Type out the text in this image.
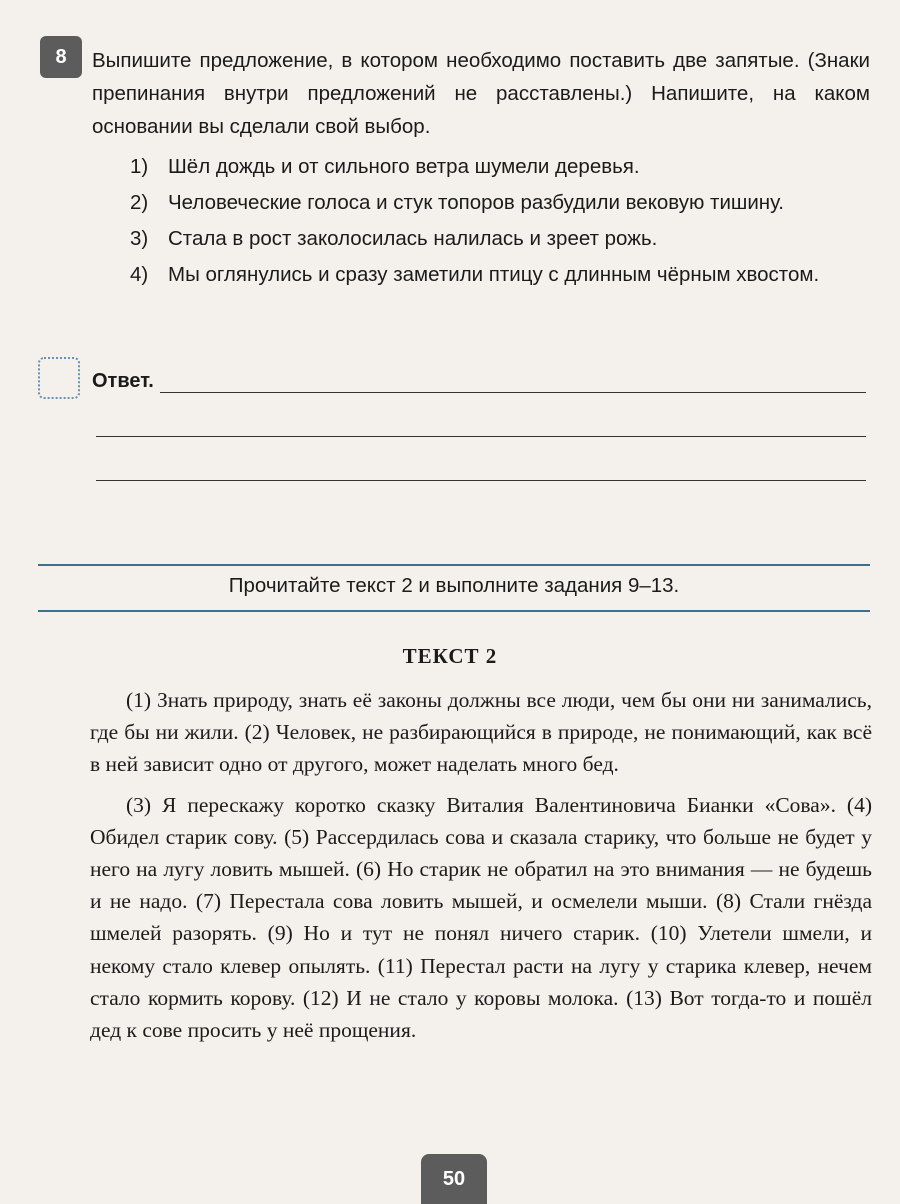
8	Выпишите предложение, в котором необходимо поставить две запятые. (Знаки препинания внутри предложений не расставлены.) Напишите, на каком основании вы сделали свой выбор.
1) Шёл дождь и от сильного ветра шумели деревья.
2) Человеческие голоса и стук топоров разбудили вековую тишину.
3) Стала в рост заколосилась налилась и зреет рожь.
4) Мы оглянулись и сразу заметили птицу с длинным чёрным хвостом.
Ответ.
Прочитайте текст 2 и выполните задания 9–13.
ТЕКСТ 2

(1) Знать природу, знать её законы должны все люди, чем бы они ни занимались, где бы ни жили. (2) Человек, не разбирающийся в природе, не понимающий, как всё в ней зависит одно от другого, может наделать много бед.

(3) Я перескажу коротко сказку Виталия Валентиновича Бианки «Сова». (4) Обидел старик сову. (5) Рассердилась сова и сказала старику, что больше не будет у него на лугу ловить мышей. (6) Но старик не обратил на это внимания — не будешь и не надо. (7) Перестала сова ловить мышей, и осмелели мыши. (8) Стали гнёзда шмелей разорять. (9) Но и тут не понял ничего старик. (10) Улетели шмели, и некому стало клевер опылять. (11) Перестал расти на лугу у старика клевер, нечем стало кормить корову. (12) И не стало у коровы молока. (13) Вот тогда-то и пошёл дед к сове просить у неё прощения.

50
